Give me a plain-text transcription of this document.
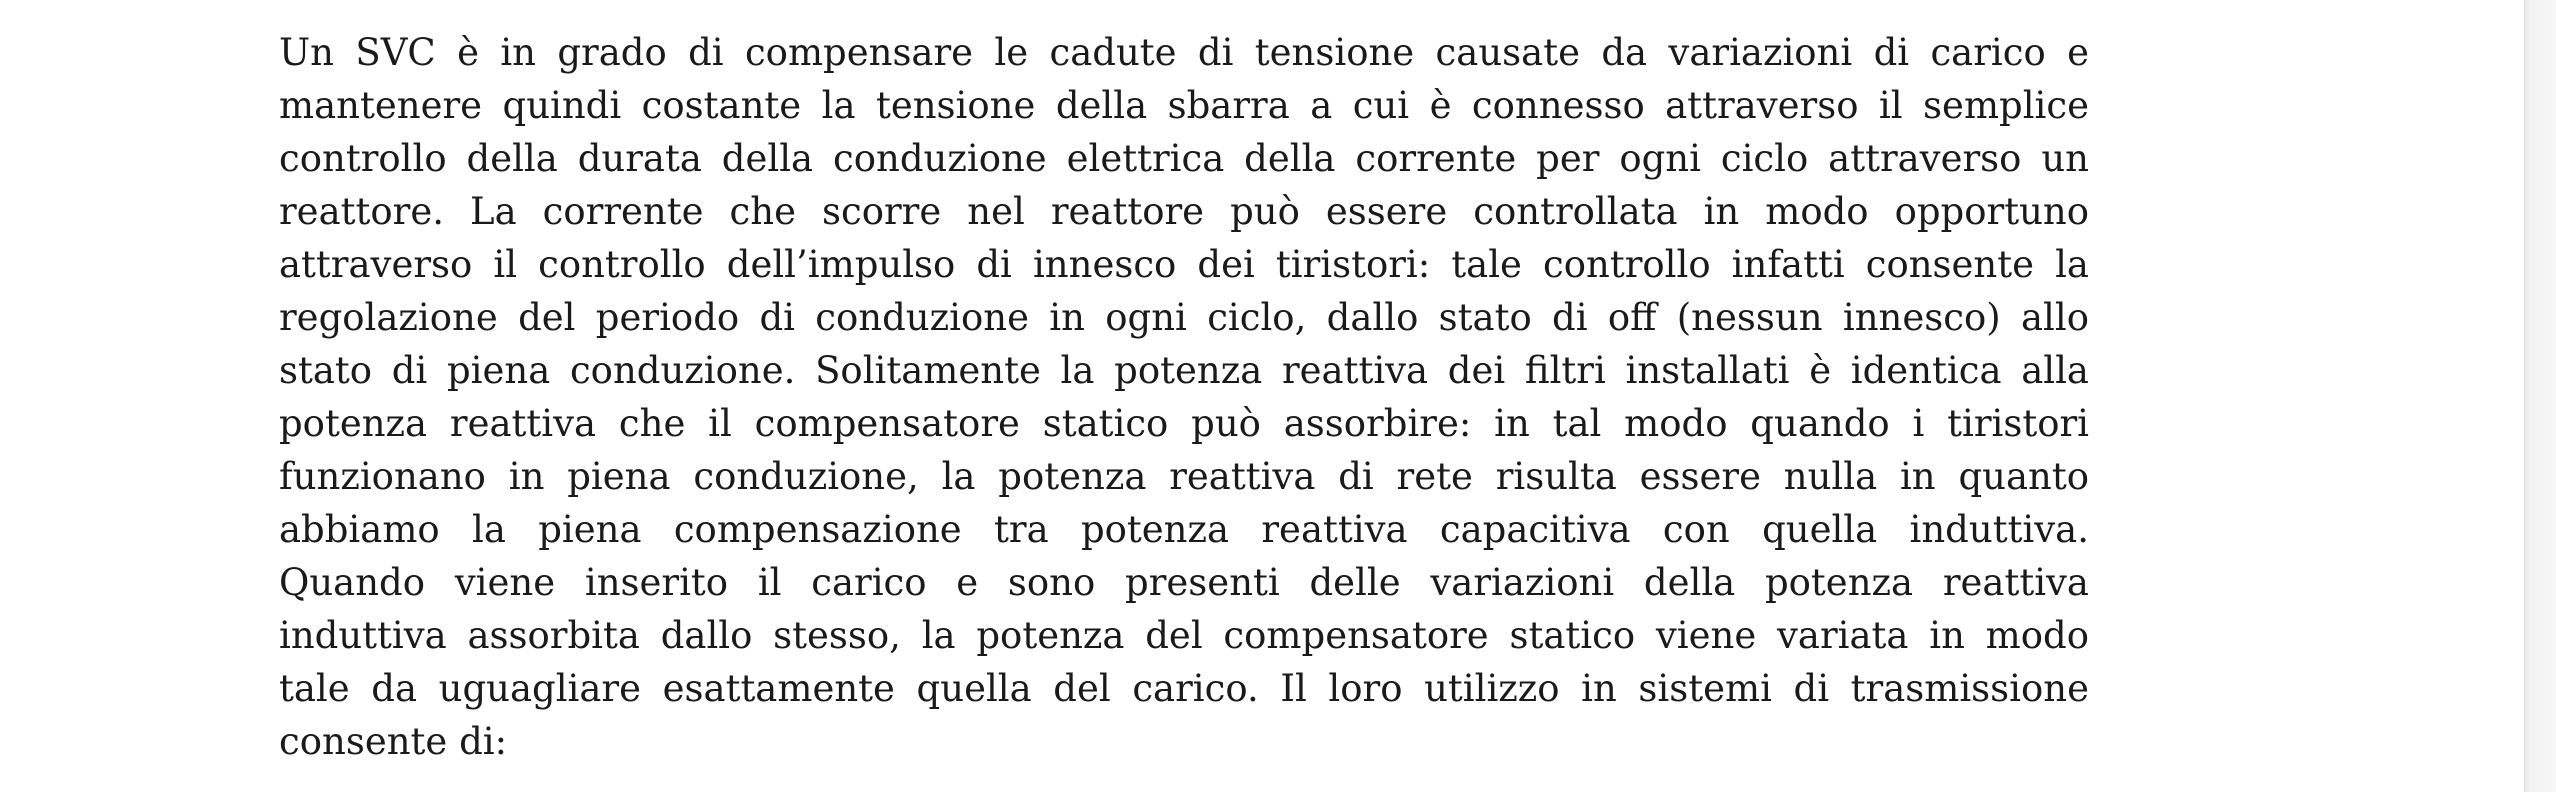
Un SVC è in grado di compensare le cadute di tensione causate da variazioni di carico e
mantenere quindi costante la tensione della sbarra a cui è connesso attraverso il semplice
controllo della durata della conduzione elettrica della corrente per ogni ciclo attraverso un
reattore. La corrente che scorre nel reattore può essere controllata in modo opportuno
attraverso il controllo dell’impulso di innesco dei tiristori: tale controllo infatti consente la
regolazione del periodo di conduzione in ogni ciclo, dallo stato di off (nessun innesco) allo
stato di piena conduzione. Solitamente la potenza reattiva dei filtri installati è identica alla
potenza reattiva che il compensatore statico può assorbire: in tal modo quando i tiristori
funzionano in piena conduzione, la potenza reattiva di rete risulta essere nulla in quanto
abbiamo la piena compensazione tra potenza reattiva capacitiva con quella induttiva.
Quando viene inserito il carico e sono presenti delle variazioni della potenza reattiva
induttiva assorbita dallo stesso, la potenza del compensatore statico viene variata in modo
tale da uguagliare esattamente quella del carico. Il loro utilizzo in sistemi di trasmissione
consente di:
